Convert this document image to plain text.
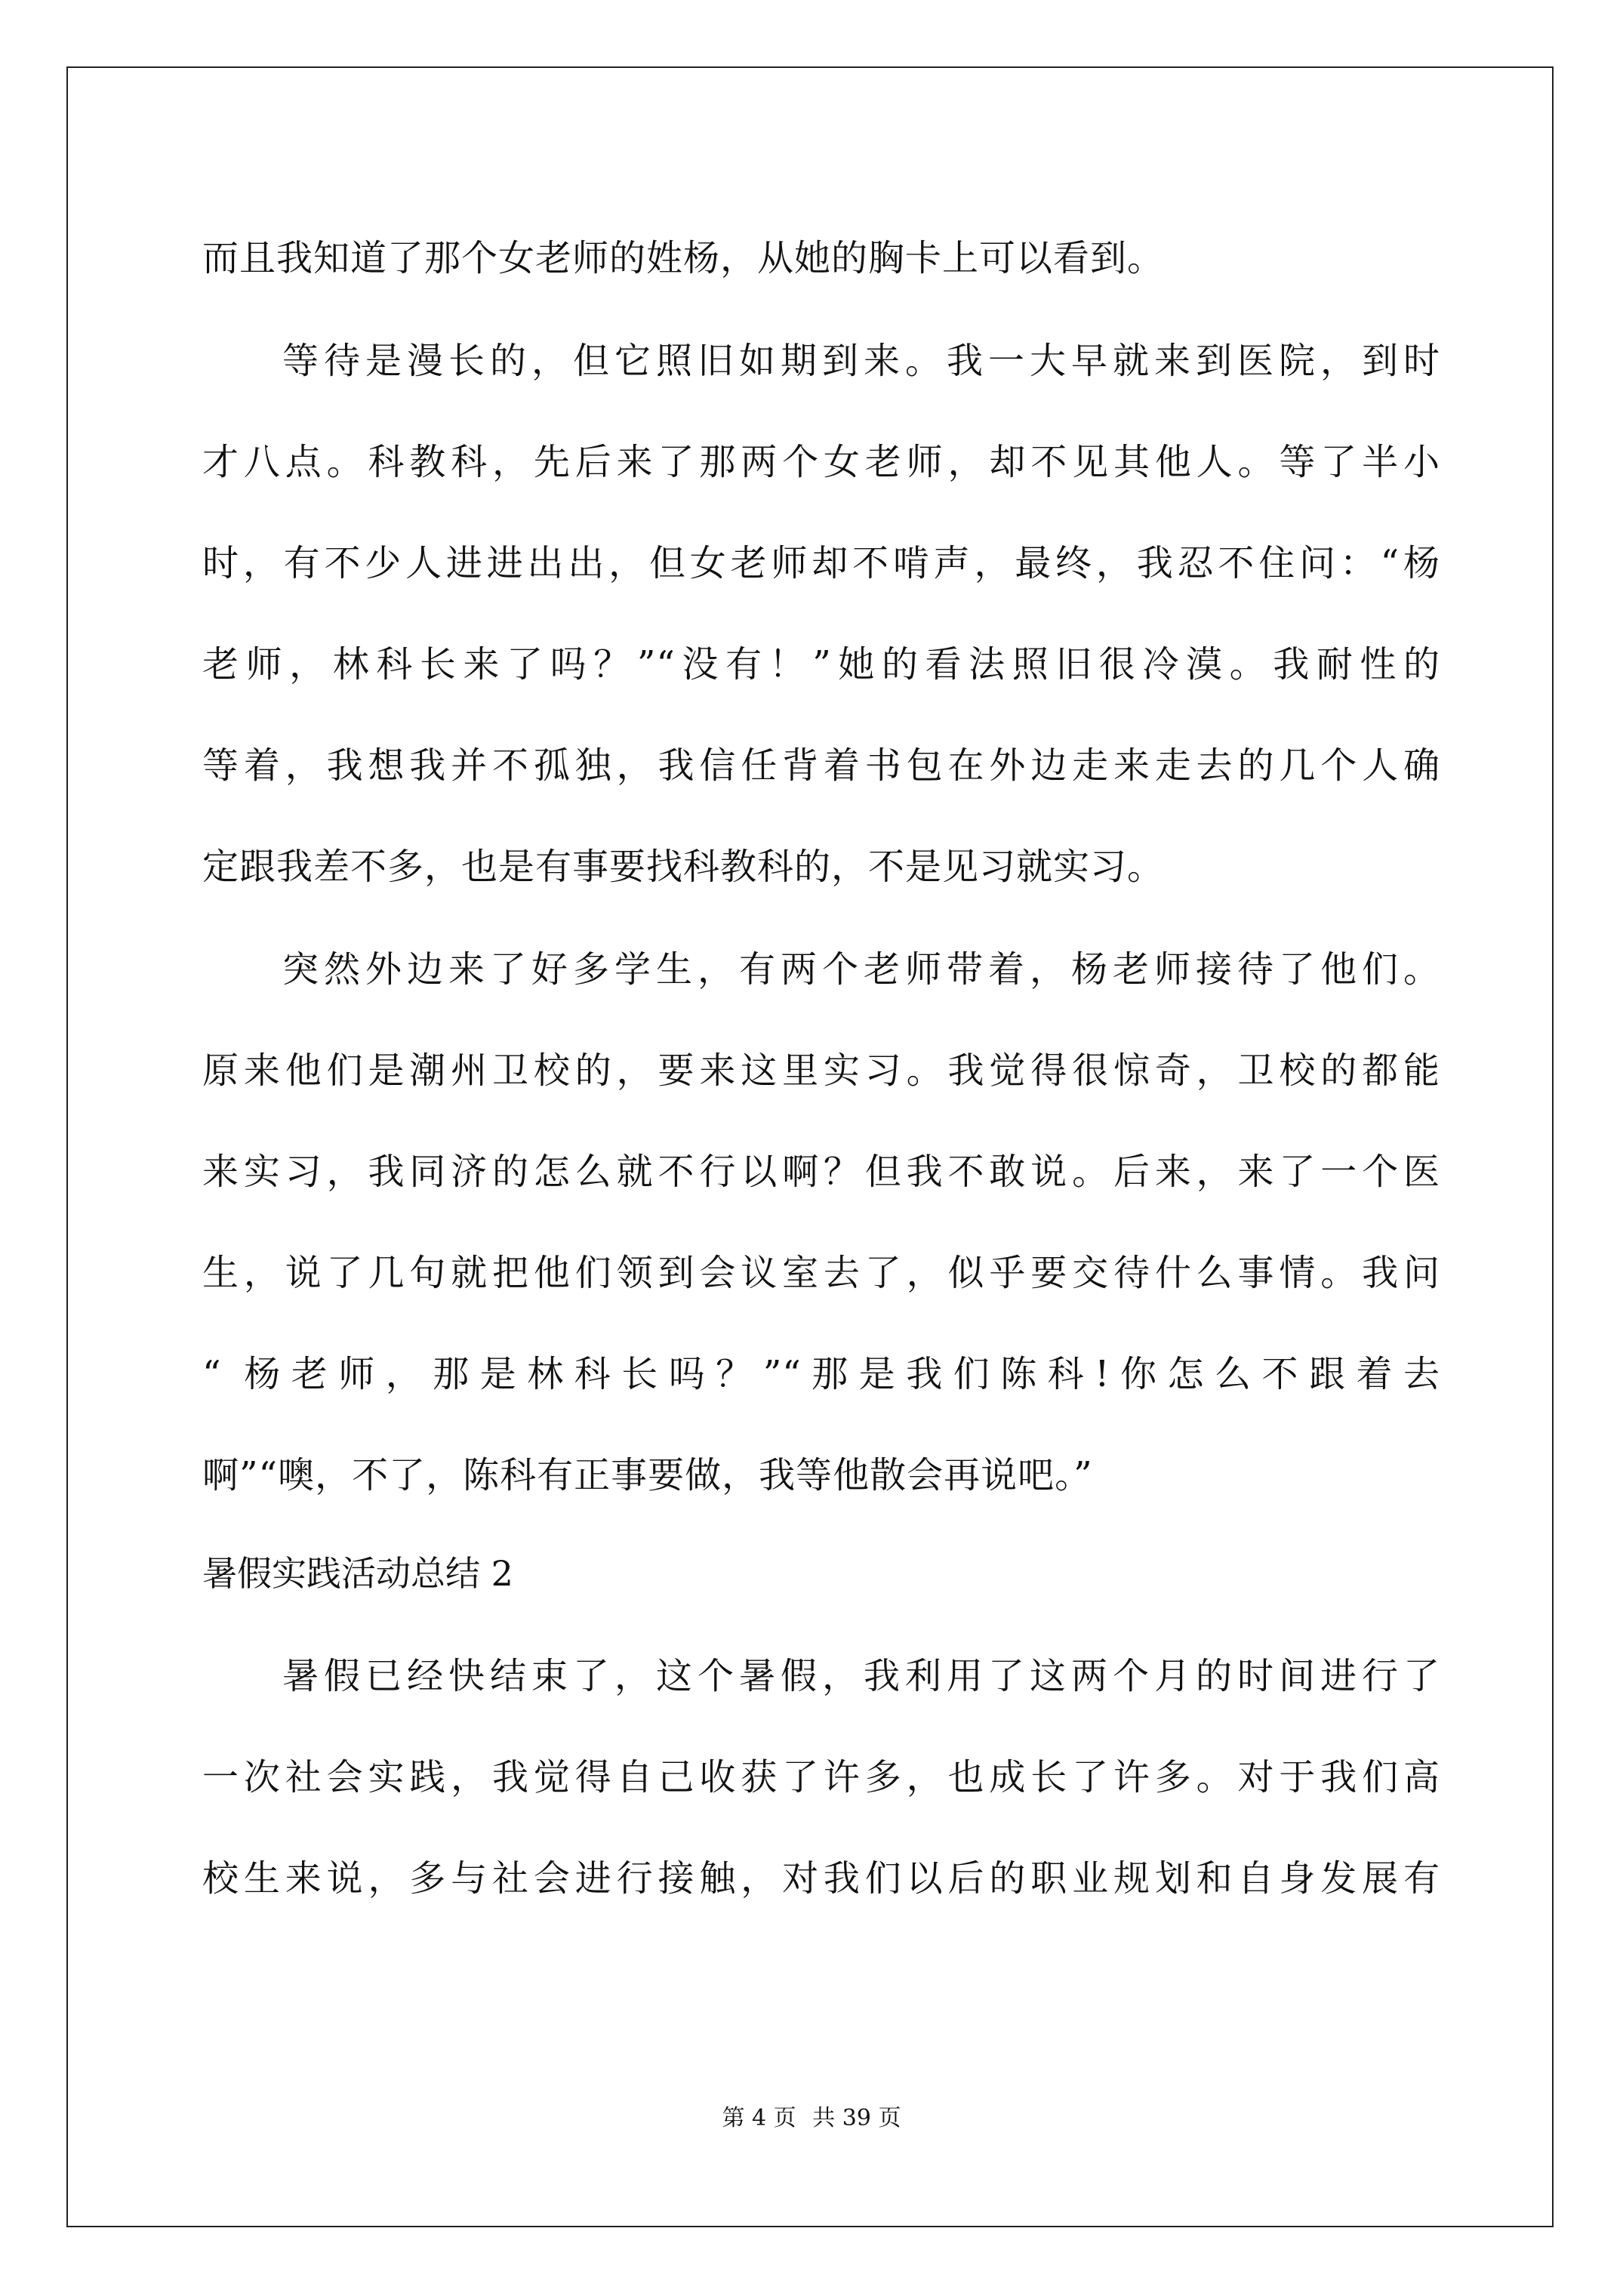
而且我知道了那个女老师的姓杨，从她的胸卡上可以看到。
等待是漫长的，但它照旧如期到来。我一大早就来到医院，到时
才八点。科教科，先后来了那两个女老师，却不见其他人。等了半小
时，有不少人进进出出，但女老师却不啃声，最终，我忍不住问：“杨
老师，林科长来了吗？”“没有！”她的看法照旧很冷漠。我耐性的
等着，我想我并不孤独，我信任背着书包在外边走来走去的几个人确
定跟我差不多，也是有事要找科教科的，不是见习就实习。
突然外边来了好多学生，有两个老师带着，杨老师接待了他们。
原来他们是潮州卫校的，要来这里实习。我觉得很惊奇，卫校的都能
来实习，我同济的怎么就不行以啊？但我不敢说。后来，来了一个医
生，说了几句就把他们领到会议室去了，似乎要交待什么事情。我问
“ 杨老师，那是林科长吗？”“那是我们陈科!你怎么不跟着去
啊”“噢，不了，陈科有正事要做，我等他散会再说吧。”
暑假实践活动总结 2
暑假已经快结束了，这个暑假，我利用了这两个月的时间进行了
一次社会实践，我觉得自己收获了许多，也成长了许多。对于我们高
校生来说，多与社会进行接触，对我们以后的职业规划和自身发展有
第 4 页 共 39 页
